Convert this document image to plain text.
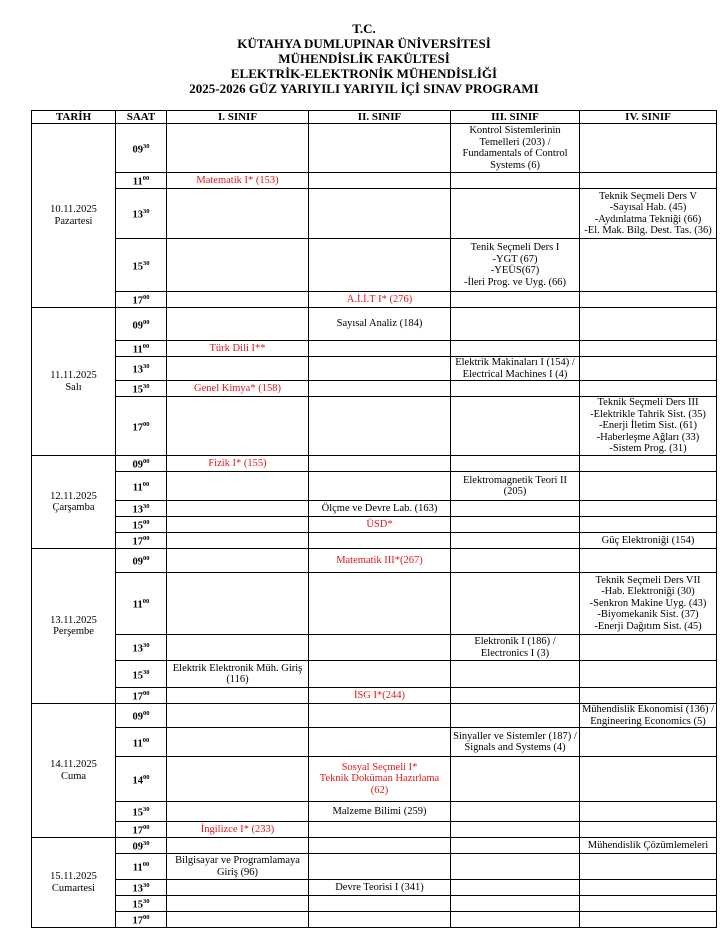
T.C.
KÜTAHYA DUMLUPINAR ÜNİVERSİTESİ
MÜHENDİSLİK FAKÜLTESİ
ELEKTRİK-ELEKTRONİK MÜHENDİSLİĞİ
2025-2026 GÜZ YARIYILI YARIYIL İÇİ SINAV PROGRAMI
TARİH	SAAT	I. SINIF	II. SINIF	III. SINIF	IV. SINIF

10.11.2025
Pazartesi	$09^{30}$			Kontrol Sistemlerinin
Temelleri (203) /
Fundamentals of Control
Systems (6)	

	$11^{00}$	Matematik I* (153)			

	$13^{30}$				Teknik Seçmeli Ders V
-Sayısal Hab. (45)
-Aydınlatma Tekniği (66)
-El. Mak. Bilg. Dest. Tas. (36)

	$15^{30}$			Tenik Seçmeli Ders I
-YGT (67)
-YEÜS(67)
-İleri Prog. ve Uyg. (66)	

	$17^{00}$		A.İ.İ.T I* (276)		

11.11.2025
Salı	$09^{00}$		Sayısal Analiz (184)		

	$11^{00}$	Türk Dili I**			

	$13^{30}$			Elektrik Makinaları I (154) /
Electrical Machines I (4)	

	$15^{30}$	Genel Kimya* (158)			

	$17^{00}$				Teknik Seçmeli Ders III
-Elektrikle Tahrik Sist. (35)
-Enerji İletim Sist. (61)
-Haberleşme Ağları (33)
-Sistem Prog. (31)

12.11.2025
Çarşamba	$09^{00}$	Fizik I* (155)			

	$11^{00}$			Elektromagnetik Teori II
(205)	

	$13^{30}$		Ölçme ve Devre Lab. (163)		

	$15^{00}$		ÜSD*		

	$17^{00}$				Güç Elektroniği (154)

13.11.2025
Perşembe	$09^{00}$		Matematik III*(267)		

	$11^{00}$				Teknik Seçmeli Ders VII
-Hab. Elektroniği (30)
-Senkron Makine Uyg. (43)
-Biyomekanik Sist. (37)
-Enerji Dağıtım Sist. (45)

	$13^{30}$			Elektronik I (186) /
Electronics I (3)	

	$15^{30}$	Elektrik Elektronik Müh. Giriş
(116)			

	$17^{00}$		İSG I*(244)		

14.11.2025
Cuma	$09^{00}$				Mühendislik Ekonomisi (136) /
Engineering Economics (5)

	$11^{00}$			Sinyaller ve Sistemler (187) /
Signals and Systems (4)	

	$14^{00}$		Sosyal Seçmeli I*
Teknik Doküman Hazırlama
(62)		

	$15^{30}$		Malzeme Bilimi (259)		

	$17^{00}$	İngilizce I* (233)			

15.11.2025
Cumartesi	$09^{30}$				Mühendislik Çözümlemeleri

	$11^{00}$	Bilgisayar ve Programlamaya
Giriş (96)			

	$13^{30}$		Devre Teorisi I (341)		

	$15^{30}$				
	$17^{00}$				
